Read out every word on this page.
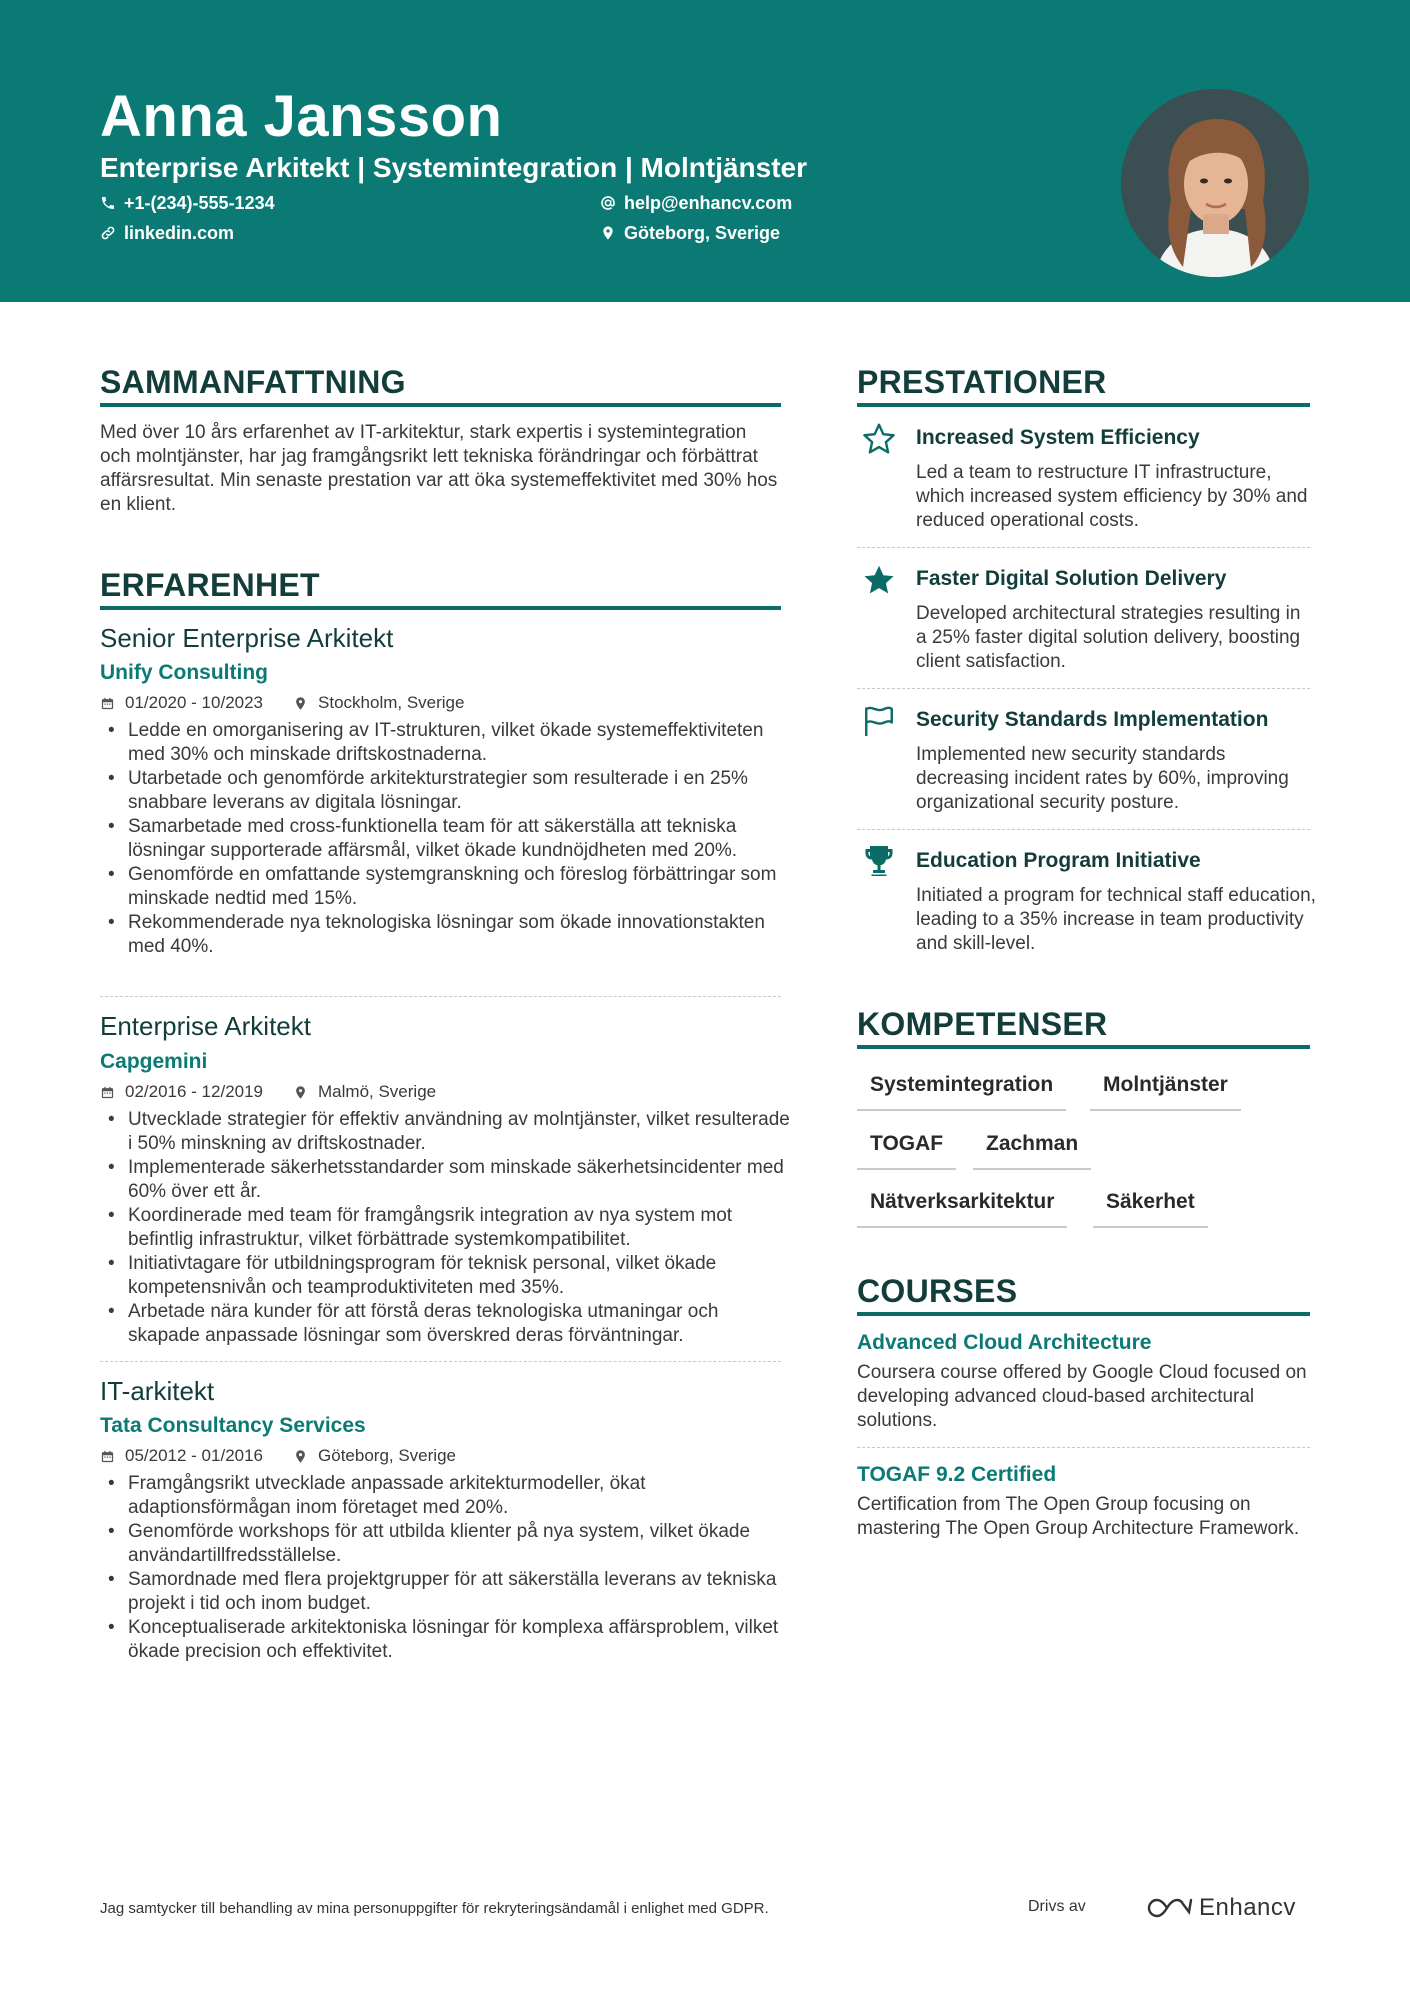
Anna Jansson
Enterprise Arkitekt | Systemintegration | Molntjänster
+1-(234)-555-1234	help@enhancv.com
linkedin.com	Göteborg, Sverige
SAMMANFATTNING
Med över 10 års erfarenhet av IT-arkitektur, stark expertis i systemintegration och molntjänster, har jag framgångsrikt lett tekniska förändringar och förbättrat affärsresultat. Min senaste prestation var att öka systemeffektivitet med 30% hos en klient.
ERFARENHET
Senior Enterprise Arkitekt
Unify Consulting
01/2020 - 10/2023	Stockholm, Sverige
• Ledde en omorganisering av IT-strukturen, vilket ökade systemeffektiviteten med 30% och minskade driftskostnaderna.
• Utarbetade och genomförde arkitekturstrategier som resulterade i en 25% snabbare leverans av digitala lösningar.
• Samarbetade med cross-funktionella team för att säkerställa att tekniska lösningar supporterade affärsmål, vilket ökade kundnöjdheten med 20%.
• Genomförde en omfattande systemgranskning och föreslog förbättringar som minskade nedtid med 15%.
• Rekommenderade nya teknologiska lösningar som ökade innovationstakten med 40%.
Enterprise Arkitekt
Capgemini
02/2016 - 12/2019	Malmö, Sverige
• Utvecklade strategier för effektiv användning av molntjänster, vilket resulterade i 50% minskning av driftskostnader.
• Implementerade säkerhetsstandarder som minskade säkerhetsincidenter med 60% över ett år.
• Koordinerade med team för framgångsrik integration av nya system mot befintlig infrastruktur, vilket förbättrade systemkompatibilitet.
• Initiativtagare för utbildningsprogram för teknisk personal, vilket ökade kompetensnivån och teamproduktiviteten med 35%.
• Arbetade nära kunder för att förstå deras teknologiska utmaningar och skapade anpassade lösningar som överskred deras förväntningar.
IT-arkitekt
Tata Consultancy Services
05/2012 - 01/2016	Göteborg, Sverige
• Framgångsrikt utvecklade anpassade arkitekturmodeller, ökat adaptionsförmågan inom företaget med 20%.
• Genomförde workshops för att utbilda klienter på nya system, vilket ökade användartillfredsställelse.
• Samordnade med flera projektgrupper för att säkerställa leverans av tekniska projekt i tid och inom budget.
• Konceptualiserade arkitektoniska lösningar för komplexa affärsproblem, vilket ökade precision och effektivitet.
PRESTATIONER
Increased System Efficiency
Led a team to restructure IT infrastructure, which increased system efficiency by 30% and reduced operational costs.
Faster Digital Solution Delivery
Developed architectural strategies resulting in a 25% faster digital solution delivery, boosting client satisfaction.
Security Standards Implementation
Implemented new security standards decreasing incident rates by 60%, improving organizational security posture.
Education Program Initiative
Initiated a program for technical staff education, leading to a 35% increase in team productivity and skill-level.
KOMPETENSER
Systemintegration	Molntjänster
TOGAF	Zachman
Nätverksarkitektur	Säkerhet
COURSES
Advanced Cloud Architecture
Coursera course offered by Google Cloud focused on developing advanced cloud-based architectural solutions.
TOGAF 9.2 Certified
Certification from The Open Group focusing on mastering The Open Group Architecture Framework.
Jag samtycker till behandling av mina personuppgifter för rekryteringsändamål i enlighet med GDPR.	Drivs av	Enhancv
